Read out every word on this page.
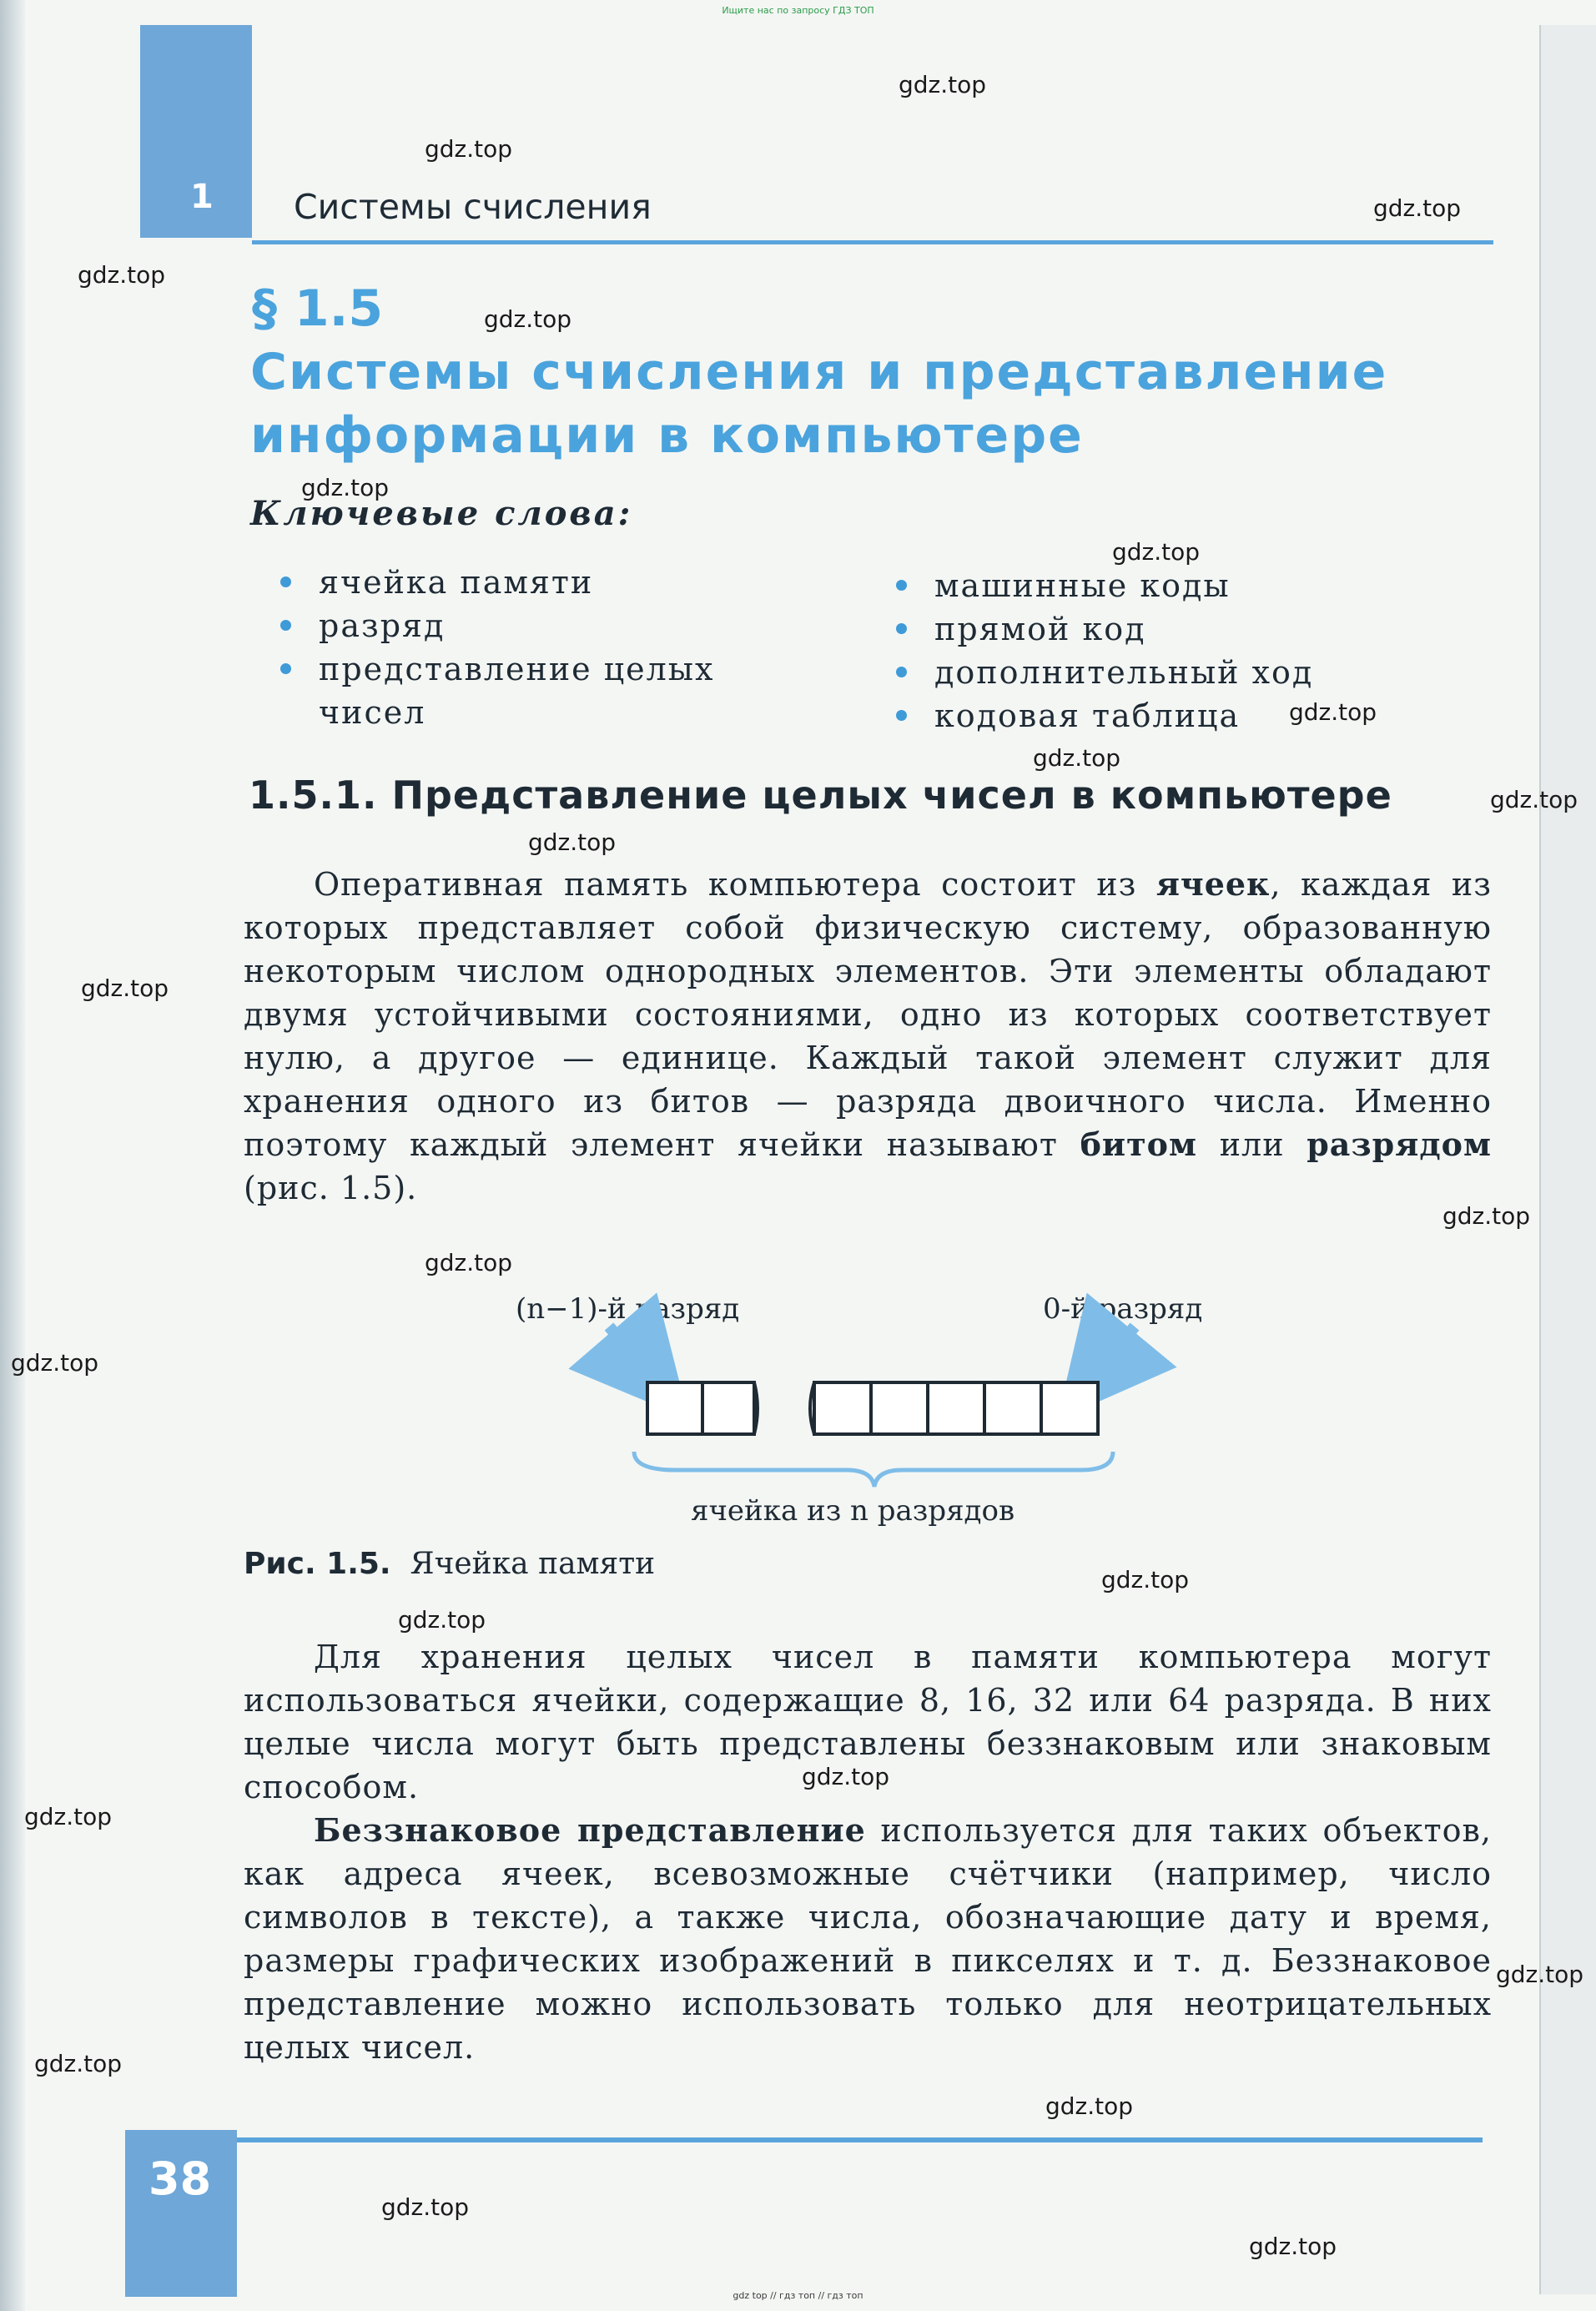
Ищите нас по запросу ГДЗ ТОП
1 Системы счисления
§ 1.5
Системы счисления и представление информации в компьютере
Ключевые слова:
ячейка памяти
разряд
представление целых чисел
машинные коды
прямой код
дополнительный ход
кодовая таблица
1.5.1. Представление целых чисел в компьютере

Оперативная память компьютера состоит из ячеек, каждая из которых представляет собой физическую систему, образованную некоторым числом однородных элементов. Эти элементы обладают двумя устойчивыми состояниями, одно из которых соответствует нулю, а другое — единице. Каждый такой элемент служит для хранения одного из битов — разряда двоичного числа. Именно поэтому каждый элемент ячейки называют битом или разрядом (рис. 1.5).

(n−1)-й разряд	0-й разряд
ячейка из n разрядов
Рис. 1.5. Ячейка памяти

Для хранения целых чисел в памяти компьютера могут использоваться ячейки, содержащие 8, 16, 32 или 64 разряда. В них целые числа могут быть представлены беззнаковым или знаковым способом.

Беззнаковое представление используется для таких объектов, как адреса ячеек, всевозможные счётчики (например, число символов в тексте), а также числа, обозначающие дату и время, размеры графических изображений в пикселях и т. д. Беззнаковое представление можно использовать только для неотрицательных целых чисел.

38
gdz top // гдз топ // гдз топ
gdz.top
gdz.top
gdz.top
gdz.top
gdz.top
gdz.top
gdz.top
gdz.top
gdz.top
gdz.top
gdz.top
gdz.top
gdz.top
gdz.top
gdz.top
gdz.top
gdz.top
gdz.top
gdz.top
gdz.top
gdz.top
gdz.top
gdz.top
gdz.top
